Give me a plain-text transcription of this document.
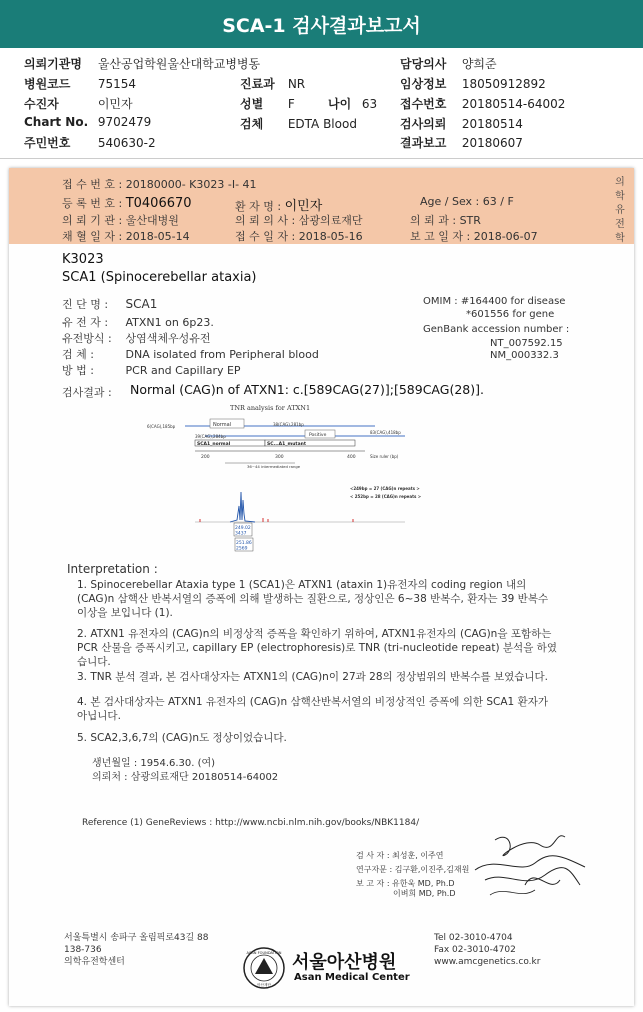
SCA-1 검사결과보고서
의뢰기관명 울산공업학원울산대학교병병동	담당의사 양희준
병원코드 75154	진료과 NR	임상정보 18050912892
수진자	이민자	성별 F	나이 63 접수번호 20180514-64002
Chart No. 9702479	검체 EDTA Blood	검사의뢰 20180514
주민번호 540630-2	결과보고 20180607
접 수 번 호 : 20180000- K3023 -I- 41
등 록 번 호 : T0406670	환 자 명 : 이민자	Age / Sex : 63 / F
의 뢰 기 관 : 울산대병원	의 뢰 의 사 : 삼광의료재단	의 뢰 과 : STR
채 혈 일 자 : 2018-05-14	접 수 일 자 : 2018-05-16	보 고 일 자 : 2018-06-07
의
학
유
전
학
K3023
SCA1 (Spinocerebellar ataxia)
진 단 명 : SCA1
유 전 자 : ATXN1 on 6p23.
유전방식 : 상염색체우성유전
검 체 :	DNA isolated from Peripheral blood
방 법 :	PCR and Capillary EP
OMIM : #164400 for disease
*601556 for gene
GenBank accession number :
NT_007592.15
NM_000332.3
검사결과 : Normal (CAG)n of ATXN1: c.[589CAG(27)];[589CAG(28)].
TNR analysis for ATXN1
Normal
6(CAG),185bp	38(CAG),281bp
39(CAG),284bp	Positive
83(CAG),418bp
SCA1_normal	SC...A1_mutant
200	300	400	Size ruler (bp)
36~44 intermediated range
<249bp = 27 (CAG)n repeats >
< 252bp = 28 (CAG)n repeats >
249.02
3437
251.86
2569
Interpretation :
1. Spinocerebellar Ataxia type 1 (SCA1)은 ATXN1 (ataxin 1)유전자의 coding region 내의 (CAG)n 삼핵산 반복서열의 증폭에 의해 발생하는 질환으로, 정상인은 6~38 반복수, 환자는 39 반복수 이상을 보입니다 (1).
2. ATXN1 유전자의 (CAG)n의 비정상적 증폭을 확인하기 위하여, ATXN1유전자의 (CAG)n을 포함하는 PCR 산물을 증폭시키고, capillary EP (electrophoresis)로 TNR (tri-nucleotide repeat) 분석을 하였습니다.
3. TNR 분석 결과, 본 검사대상자는 ATXN1의 (CAG)n이 27과 28의 정상범위의 반복수를 보였습니다.
4. 본 검사대상자는 ATXN1 유전자의 (CAG)n 삼핵산반복서열의 비정상적인 증폭에 의한 SCA1 환자가 아닙니다.
5. SCA2,3,6,7의 (CAG)n도 정상이었습니다.
생년월일 : 1954.6.30. (여)
의뢰처 : 삼광의료재단 20180514-64002
Reference (1) GeneReviews : http://www.ncbi.nlm.nih.gov/books/NBK1184/
검 사 자 : 최성훈, 이주연
연구자문 : 김구환,이진주,김재원
보 고 자 : 유한욱 MD, Ph.D
이벼희 MD, Ph.D
서울특별시 송파구 올림픽로43길 88
138-736
의학유전학센터
Tel 02-3010-4704
Fax 02-3010-4702
www.amcgenetics.co.kr
ASAN FOUNDATION
아산재단
서울아산병원
Asan Medical Center
